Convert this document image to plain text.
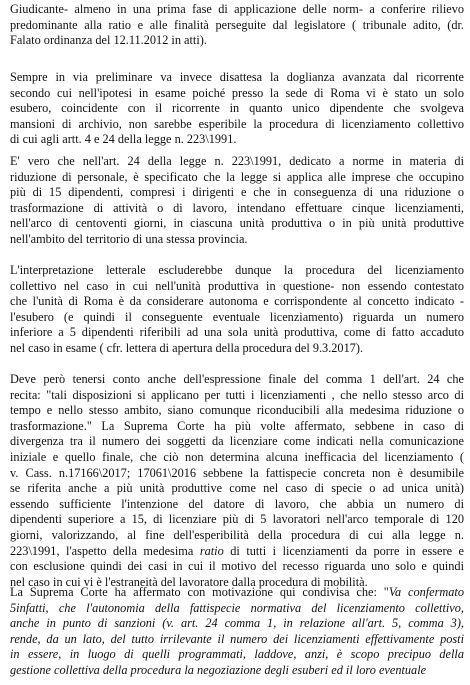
Giudicante- almeno in una prima fase di applicazione delle norm- a conferire rilievo
predominante alla ratio e alle finalità perseguite dal legislatore ( tribunale adito, (dr.
Falato ordinanza del 12.11.2012 in atti).
Sempre in via preliminare va invece disattesa la doglianza avanzata dal ricorrente
secondo cui nell'ipotesi in esame poiché presso la sede di Roma vi è stato un solo
esubero, coincidente con il ricorrente in quanto unico dipendente che svolgeva
mansioni di archivio, non sarebbe esperibile la procedura di licenziamento collettivo
di cui agli artt. 4 e 24 della legge n. 223\1991.
E' vero che nell'art. 24 della legge n. 223\1991, dedicato a norme in materia di
riduzione di personale, è specificato che la legge si applica alle imprese che occupino
più di 15 dipendenti, compresi i dirigenti e che in conseguenza di una riduzione o
trasformazione di attività o di lavoro, intendano effettuare cinque licenziamenti,
nell'arco di centoventi giorni, in ciascuna unità produttiva o in più unità produttive
nell'ambito del territorio di una stessa provincia.
L'interpretazione letterale escluderebbe dunque la procedura del licenziamento
collettivo nel caso in cui nell'unità produttiva in questione- non essendo contestato
che l'unità di Roma è da considerare autonoma e corrispondente al concetto indicato -
l'esubero (e quindi il conseguente eventuale licenziamento) riguarda un numero
inferiore a 5 dipendenti riferibili ad una sola unità produttiva, come di fatto accaduto
nel caso in esame ( cfr. lettera di apertura della procedura del 9.3.2017).
Deve però tenersi conto anche dell'espressione finale del comma 1 dell'art. 24 che
recita: "tali disposizioni si applicano per tutti i licenziamenti , che nello stesso arco di
tempo e nello stesso ambito, siano comunque riconducibili alla medesima riduzione o
trasformazione." La Suprema Corte ha più volte affermato, sebbene in caso di
divergenza tra il numero dei soggetti da licenziare come indicati nella comunicazione
iniziale e quello finale, che ciò non determina alcuna inefficacia del licenziamento (
v. Cass. n.17166\2017; 17061\2016 sebbene la fattispecie concreta non è desumibile
se riferita anche a più unità produttive come nel caso di specie o ad unica unità)
essendo sufficiente l'intenzione del datore di lavoro, che abbia un numero di
dipendenti superiore a 15, di licenziare più di 5 lavoratori nell'arco temporale di 120
giorni, valorizzando, al fine dell'esperibilità della procedura di cui alla legge n.
223\1991, l'aspetto della medesima ratio di tutti i licenziamenti da porre in essere e
con esclusione quindi dei casi in cui il motivo del recesso riguarda uno solo e quindi
nel caso in cui vi è l'estraneità del lavoratore dalla procedura di mobilità.
La Suprema Corte ha affermato con motivazione qui condivisa che: "Va confermato
5infatti, che l'autonomia della fattispecie normativa del licenziamento collettivo,
anche in punto di sanzioni (v. art. 24 comma 1, in relazione all'art. 5, comma 3),
rende, da un lato, del tutto irrilevante il numero dei licenziamenti effettivamente posti
in essere, in luogo di quelli programmati, laddove, anzi, è scopo precipuo della
gestione collettiva della procedura la negoziazione degli esuberi ed il loro eventuale
